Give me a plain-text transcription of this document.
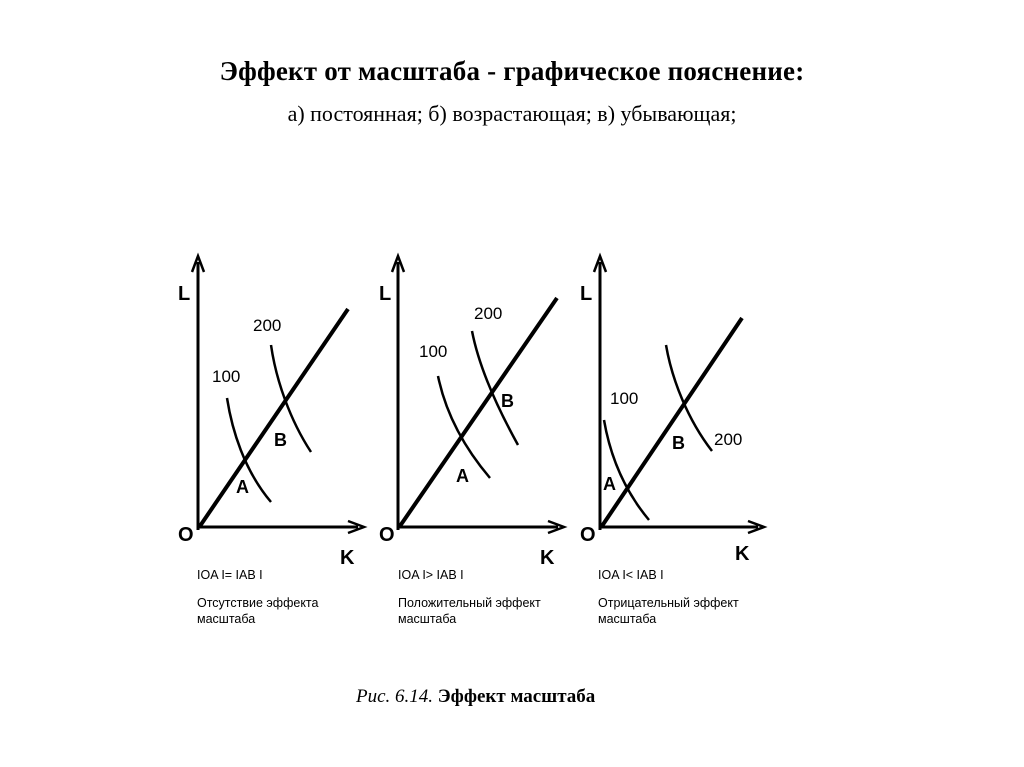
Эффект от масштаба - графическое пояснение:
а) постоянная; б) возрастающая; в) убывающая;
L
K
O
100
200
A
B
L
K
O
100
200
A
B
L
K
O
100
200
A
B
IOA I= IAB I
Отсутствие эффекта масштаба
IOA I> IAB I
Положительный эффект масштаба
IOA I< IAB I
Отрицательный эффект масштаба
Рис. 6.14. Эффект масштаба
